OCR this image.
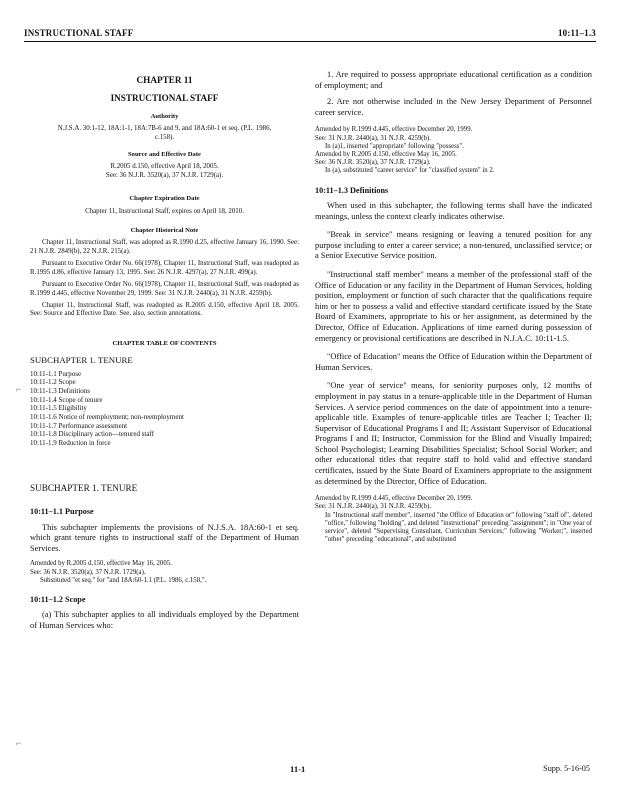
INSTRUCTIONAL STAFF	10:11–1.3

CHAPTER 11

INSTRUCTIONAL STAFF

Authority

N.J.S.A. 30:1-12, 18A:1-1, 18A:7B-6 and 9, and 18A:60-1 et seq. (P.L. 1986, c.158).

Source and Effective Date

R.2005 d.150, effective April 18, 2005.

See: 36 N.J.R. 3520(a), 37 N.J.R. 1729(a).

Chapter Expiration Date

Chapter 11, Instructional Staff, expires on April 18, 2010.

Chapter Historical Note

Chapter 11, Instructional Staff, was adopted as R.1990 d.25, effective January 16, 1990. See: 21 N.J.R. 2849(b), 22 N.J.R. 215(a).

Pursuant to Executive Order No. 66(1978), Chapter 11, Instructional Staff, was readopted as R.1995 d.86, effective January 13, 1995. See: 26 N.J.R. 4297(a), 27 N.J.R. 499(a).

Pursuant to Executive Order No. 66(1978), Chapter 11, Instructional Staff, was readopted as R.1999 d.445, effective November 29, 1999. See: 31 N.J.R. 2440(a), 31 N.J.R. 4259(b).

Chapter 11, Instructional Staff, was readopted as R.2005 d.150, effective April 18, 2005. See: Source and Effective Date. See, also, section annotations.

CHAPTER TABLE OF CONTENTS

SUBCHAPTER 1. TENURE

10:11-1.1 Purpose
10:11-1.2 Scope
10:11-1.3 Definitions
10:11-1.4 Scope of tenure
10:11-1.5 Eligibility
10:11-1.6 Notice of reemployment; non-reemployment
10:11-1.7 Performance assessment
10:11-1.8 Disciplinary action—tenured staff
10:11-1.9 Reduction in force

SUBCHAPTER 1. TENURE

10:11–1.1 Purpose

This subchapter implements the provisions of N.J.S.A. 18A:60-1 et seq. which grant tenure rights to instructional staff of the Department of Human Services.

Amended by R.2005 d.150, effective May 16, 2005.

See: 36 N.J.R. 3520(a), 37 N.J.R. 1729(a).

Substituted "et seq." for "and 18A:60-1.1 (P.L. 1986, c.158,".

10:11–1.2 Scope

(a) This subchapter applies to all individuals employed by the Department of Human Services who:

1. Are required to possess appropriate educational certification as a condition of employment; and

2. Are not otherwise included in the New Jersey Department of Personnel career service.

Amended by R.1999 d.445, effective December 20, 1999.

See: 31 N.J.R. 2440(a), 31 N.J.R. 4259(b).

In (a)1, inserted "appropriate" following "possess".

Amended by R.2005 d.150, effective May 16, 2005.

See: 36 N.J.R. 3520(a), 37 N.J.R. 1729(a).

In (a), substituted "career service" for "classified system" in 2.

10:11–1.3 Definitions

When used in this subchapter, the following terms shall have the indicated meanings, unless the context clearly indicates otherwise.

"Break in service" means resigning or leaving a tenured position for any purpose including to enter a career service; a non-tenured, unclassified service; or a Senior Executive Service position.

"Instructional staff member" means a member of the professional staff of the Office of Education or any facility in the Department of Human Services, holding position, employment or function of such character that the qualifications require him or her to possess a valid and effective standard certificate issued by the State Board of Examiners, appropriate to his or her assignment, as determined by the Director, Office of Education. Applications of time earned during possession of emergency or provisional certifications are described in N.J.A.C. 10:11-1.5.

"Office of Education" means the Office of Education within the Department of Human Services.

"One year of service" means, for seniority purposes only, 12 months of employment in pay status in a tenure-applicable title in the Department of Human Services. A service period commences on the date of appointment into a tenure-applicable title. Examples of tenure-applicable titles are Teacher I; Teacher II; Supervisor of Educational Programs I and II; Assistant Supervisor of Educational Programs I and II; Instructor, Commission for the Blind and Visually Impaired; School Psychologist; Learning Disabilities Specialist; School Social Worker; and other educational titles that require staff to hold valid and effective standard certificates, issued by the State Board of Examiners appropriate to the assignment as determined by the Director, Office of Education.

Amended by R.1999 d.445, effective December 20, 1999.

See: 31 N.J.R. 2440(a), 31 N.J.R. 4259(b).

In "Instructional staff member", inserted "the Office of Education or" following "staff of", deleted "office," following "holding", and deleted "instructional" preceding "assignment"; in "One year of service", deleted "Supervising Consultant, Curriculum Services;" following "Worker;", inserted "other" preceding "educational", and substituted

11-1	Supp. 5-16-05
⌐
⌐
